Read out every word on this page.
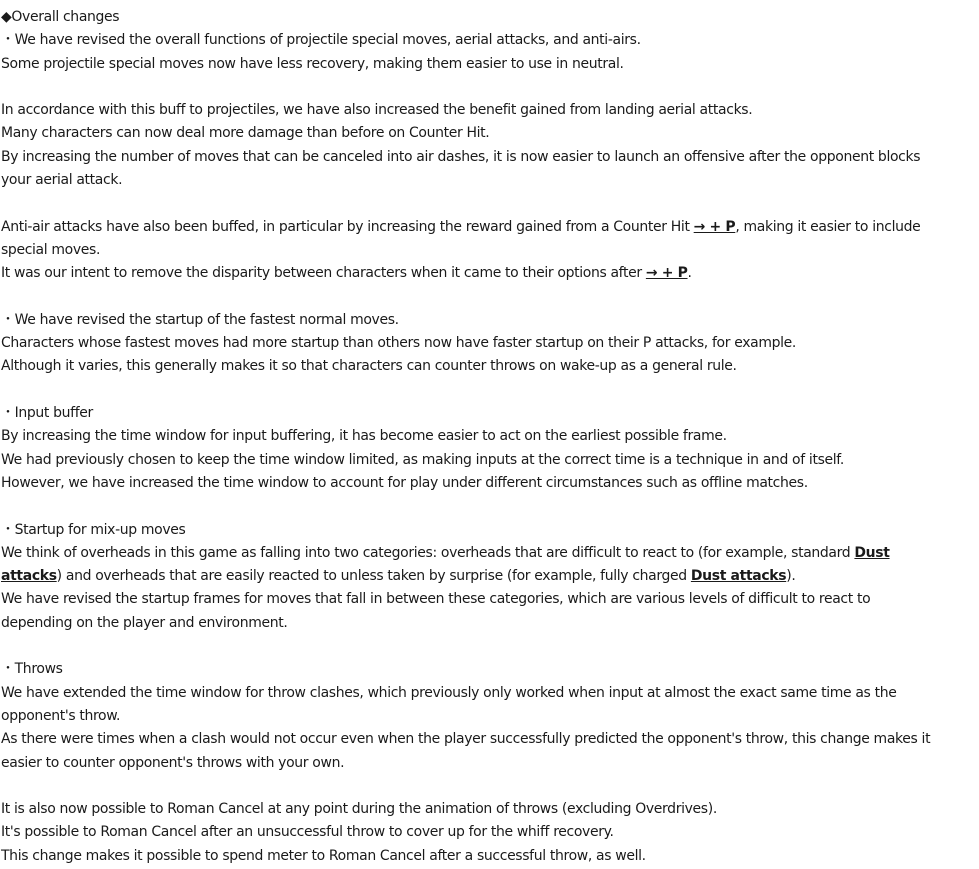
◆Overall changes
・We have revised the overall functions of projectile special moves, aerial attacks, and anti-airs.
Some projectile special moves now have less recovery, making them easier to use in neutral.
In accordance with this buff to projectiles, we have also increased the benefit gained from landing aerial attacks.
Many characters can now deal more damage than before on Counter Hit.
By increasing the number of moves that can be canceled into air dashes, it is now easier to launch an offensive after the opponent blocks
your aerial attack.
Anti-air attacks have also been buffed, in particular by increasing the reward gained from a Counter Hit → + P, making it easier to include
special moves.
It was our intent to remove the disparity between characters when it came to their options after → + P.
・We have revised the startup of the fastest normal moves.
Characters whose fastest moves had more startup than others now have faster startup on their P attacks, for example.
Although it varies, this generally makes it so that characters can counter throws on wake-up as a general rule.
・Input buffer
By increasing the time window for input buffering, it has become easier to act on the earliest possible frame.
We had previously chosen to keep the time window limited, as making inputs at the correct time is a technique in and of itself.
However, we have increased the time window to account for play under different circumstances such as offline matches.
・Startup for mix-up moves
We think of overheads in this game as falling into two categories: overheads that are difficult to react to (for example, standard Dust
attacks) and overheads that are easily reacted to unless taken by surprise (for example, fully charged Dust attacks).
We have revised the startup frames for moves that fall in between these categories, which are various levels of difficult to react to
depending on the player and environment.
・Throws
We have extended the time window for throw clashes, which previously only worked when input at almost the exact same time as the
opponent's throw.
As there were times when a clash would not occur even when the player successfully predicted the opponent's throw, this change makes it
easier to counter opponent's throws with your own.
It is also now possible to Roman Cancel at any point during the animation of throws (excluding Overdrives).
It's possible to Roman Cancel after an unsuccessful throw to cover up for the whiff recovery.
This change makes it possible to spend meter to Roman Cancel after a successful throw, as well.
